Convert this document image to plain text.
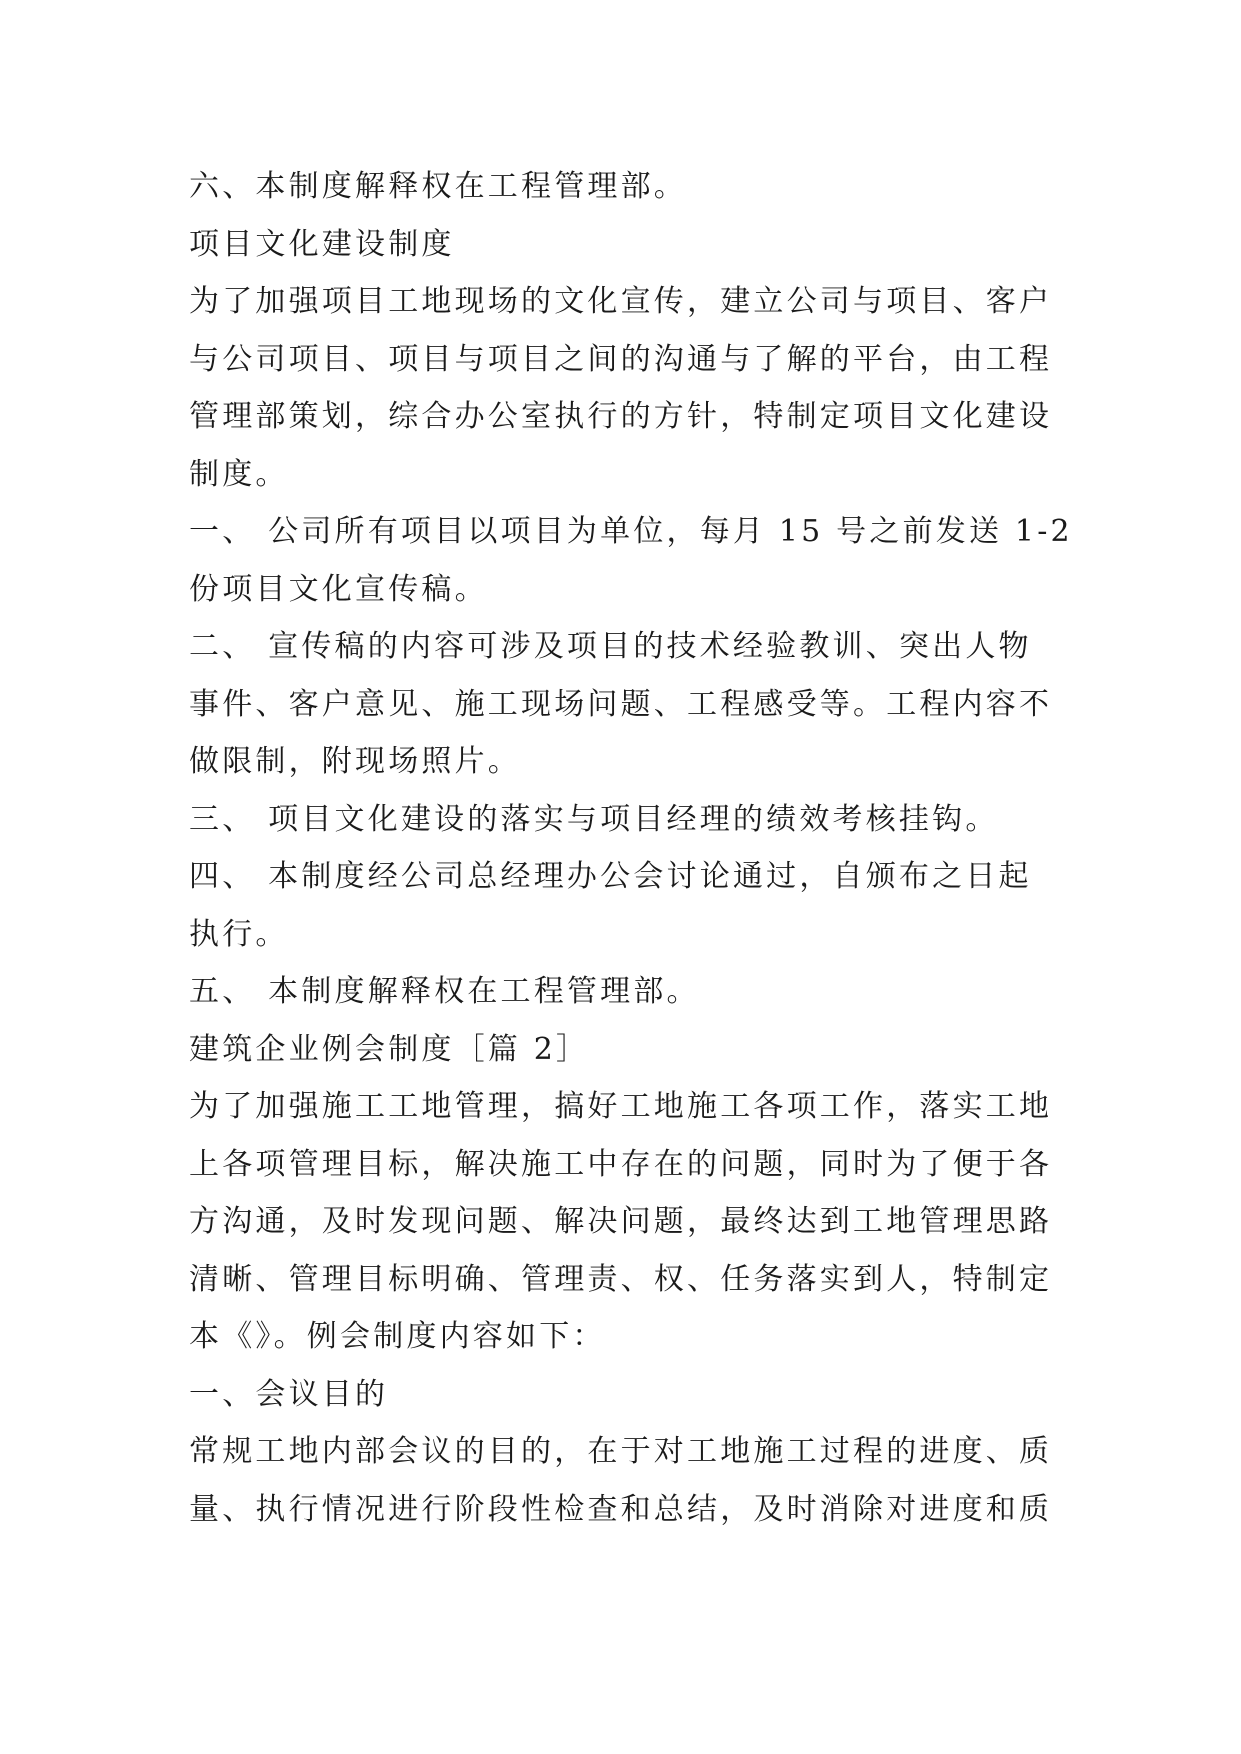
六、本制度解释权在工程管理部。
项目文化建设制度
为了加强项目工地现场的文化宣传，建立公司与项目、客户
与公司项目、项目与项目之间的沟通与了解的平台，由工程
管理部策划，综合办公室执行的方针，特制定项目文化建设
制度。
一、 公司所有项目以项目为单位，每月 15 号之前发送 1-2
份项目文化宣传稿。
二、 宣传稿的内容可涉及项目的技术经验教训、突出人物
事件、客户意见、施工现场问题、工程感受等。工程内容不
做限制，附现场照片。
三、 项目文化建设的落实与项目经理的绩效考核挂钩。
四、 本制度经公司总经理办公会讨论通过，自颁布之日起
执行。
五、 本制度解释权在工程管理部。
建筑企业例会制度［篇 2］
为了加强施工工地管理，搞好工地施工各项工作，落实工地
上各项管理目标，解决施工中存在的问题，同时为了便于各
方沟通，及时发现问题、解决问题，最终达到工地管理思路
清晰、管理目标明确、管理责、权、任务落实到人，特制定
本《》。例会制度内容如下：
一、会议目的
常规工地内部会议的目的，在于对工地施工过程的进度、质
量、执行情况进行阶段性检查和总结，及时消除对进度和质
